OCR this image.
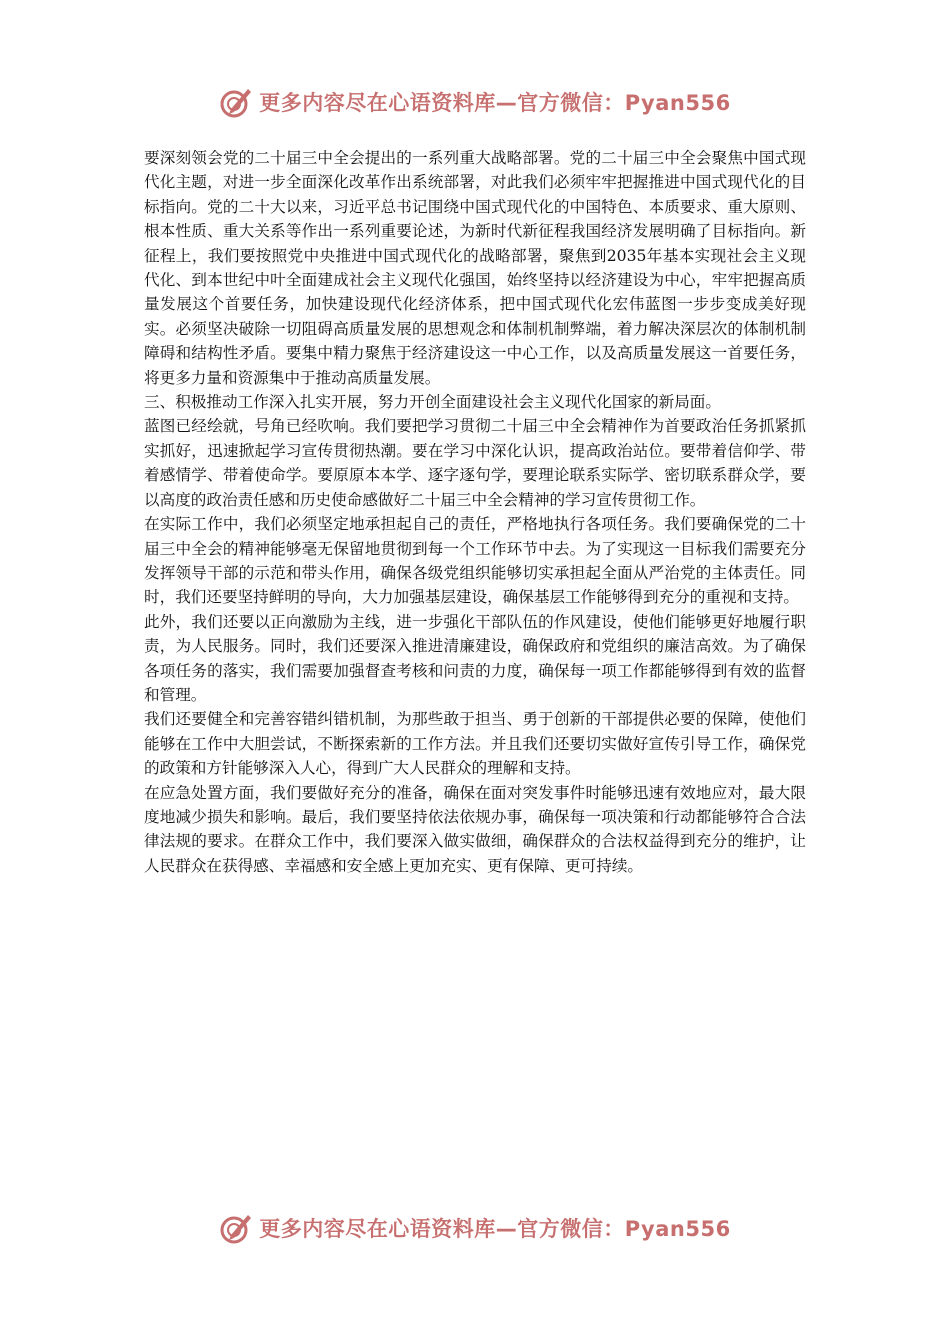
更多内容尽在心语资料库—官方微信：Pyan556

要深刻领会党的二十届三中全会提出的一系列重大战略部署。党的二十届三中全会聚焦中国式现代化主题，对进一步全面深化改革作出系统部署，对此我们必须牢牢把握推进中国式现代化的目标指向。党的二十大以来，习近平总书记围绕中国式现代化的中国特色、本质要求、重大原则、根本性质、重大关系等作出一系列重要论述，为新时代新征程我国经济发展明确了目标指向。新征程上，我们要按照党中央推进中国式现代化的战略部署，聚焦到2035年基本实现社会主义现代化、到本世纪中叶全面建成社会主义现代化强国，始终坚持以经济建设为中心，牢牢把握高质量发展这个首要任务，加快建设现代化经济体系，把中国式现代化宏伟蓝图一步步变成美好现实。必须坚决破除一切阻碍高质量发展的思想观念和体制机制弊端，着力解决深层次的体制机制障碍和结构性矛盾。要集中精力聚焦于经济建设这一中心工作，以及高质量发展这一首要任务，将更多力量和资源集中于推动高质量发展。

三、积极推动工作深入扎实开展，努力开创全面建设社会主义现代化国家的新局面。

蓝图已经绘就，号角已经吹响。我们要把学习贯彻二十届三中全会精神作为首要政治任务抓紧抓实抓好，迅速掀起学习宣传贯彻热潮。要在学习中深化认识，提高政治站位。要带着信仰学、带着感情学、带着使命学。要原原本本学、逐字逐句学，要理论联系实际学、密切联系群众学，要以高度的政治责任感和历史使命感做好二十届三中全会精神的学习宣传贯彻工作。

在实际工作中，我们必须坚定地承担起自己的责任，严格地执行各项任务。我们要确保党的二十届三中全会的精神能够毫无保留地贯彻到每一个工作环节中去。为了实现这一目标我们需要充分发挥领导干部的示范和带头作用，确保各级党组织能够切实承担起全面从严治党的主体责任。同时，我们还要坚持鲜明的导向，大力加强基层建设，确保基层工作能够得到充分的重视和支持。

此外，我们还要以正向激励为主线，进一步强化干部队伍的作风建设，使他们能够更好地履行职责，为人民服务。同时，我们还要深入推进清廉建设，确保政府和党组织的廉洁高效。为了确保各项任务的落实，我们需要加强督查考核和问责的力度，确保每一项工作都能够得到有效的监督和管理。

我们还要健全和完善容错纠错机制，为那些敢于担当、勇于创新的干部提供必要的保障，使他们能够在工作中大胆尝试，不断探索新的工作方法。并且我们还要切实做好宣传引导工作，确保党的政策和方针能够深入人心，得到广大人民群众的理解和支持。

在应急处置方面，我们要做好充分的准备，确保在面对突发事件时能够迅速有效地应对，最大限度地减少损失和影响。最后，我们要坚持依法依规办事，确保每一项决策和行动都能够符合合法律法规的要求。在群众工作中，我们要深入做实做细，确保群众的合法权益得到充分的维护，让人民群众在获得感、幸福感和安全感上更加充实、更有保障、更可持续。

更多内容尽在心语资料库—官方微信：Pyan556
